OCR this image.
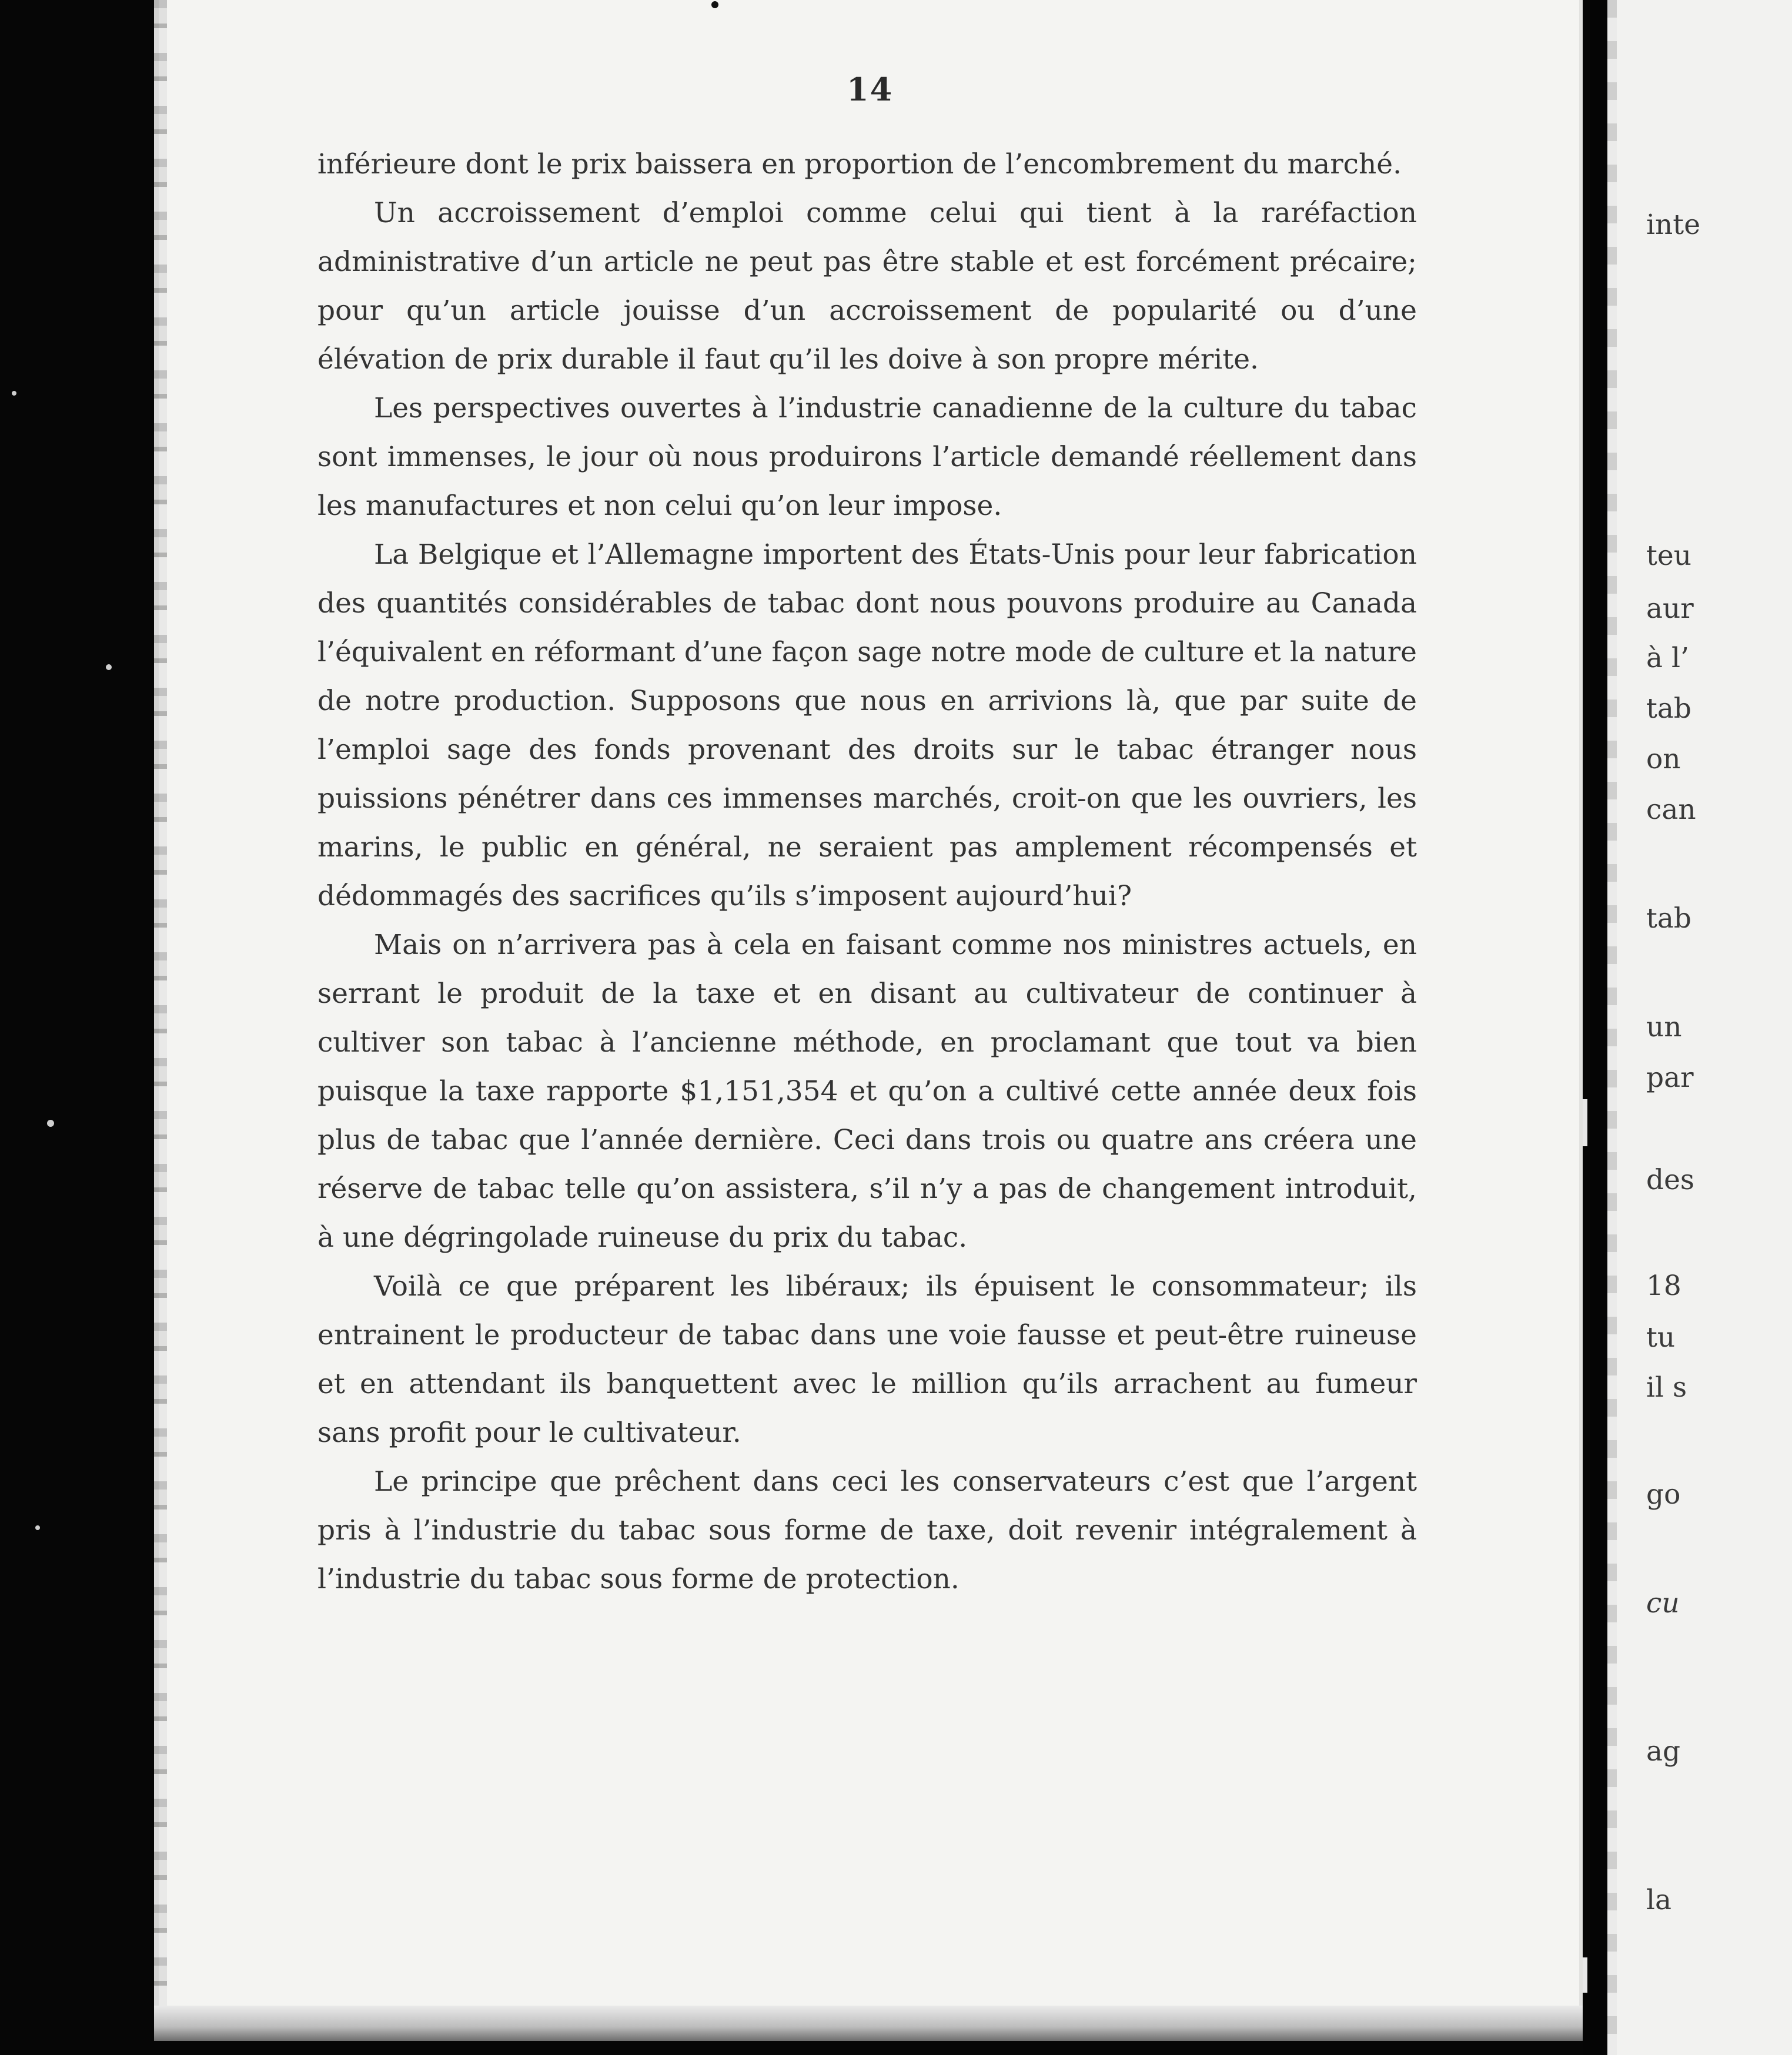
14

inférieure dont le prix baissera en proportion de l’encombrement du marché.

Un accroissement d’emploi comme celui qui tient à la raréfaction administrative d’un article ne peut pas être stable et est forcément précaire; pour qu’un article jouisse d’un accroissement de popularité ou d’une élévation de prix durable il faut qu’il les doive à son propre mérite.

Les perspectives ouvertes à l’industrie canadienne de la culture du tabac sont immenses, le jour où nous produirons l’article demandé réellement dans les manufactures et non celui qu’on leur impose.

La Belgique et l’Allemagne importent des États-Unis pour leur fabrication des quantités considérables de tabac dont nous pouvons produire au Canada l’équivalent en réformant d’une façon sage notre mode de culture et la nature de notre production. Supposons que nous en arrivions là, que par suite de l’emploi sage des fonds provenant des droits sur le tabac étranger nous puissions pénétrer dans ces immenses marchés, croit-on que les ouvriers, les marins, le public en général, ne seraient pas amplement récompensés et dédommagés des sacrifices qu’ils s’imposent aujourd’hui?

Mais on n’arrivera pas à cela en faisant comme nos ministres actuels, en serrant le produit de la taxe et en disant au cultivateur de continuer à cultiver son tabac à l’ancienne méthode, en proclamant que tout va bien puisque la taxe rapporte $1,151,354 et qu’on a cultivé cette année deux fois plus de tabac que l’année dernière. Ceci dans trois ou quatre ans créera une réserve de tabac telle qu’on assistera, s’il n’y a pas de changement introduit, à une dégringolade ruineuse du prix du tabac.

Voilà ce que préparent les libéraux; ils épuisent le consommateur; ils entrainent le producteur de tabac dans une voie fausse et peut-être ruineuse et en attendant ils banquettent avec le million qu’ils arrachent au fumeur sans profit pour le cultivateur.

Le principe que prêchent dans ceci les conservateurs c’est que l’argent pris à l’industrie du tabac sous forme de taxe, doit revenir intégralement à l’industrie du tabac sous forme de protection.

inte
teu
aur
à l’
tab
on
can
tab
un
par
des
18
tu
il s
go
cu
ag
la
